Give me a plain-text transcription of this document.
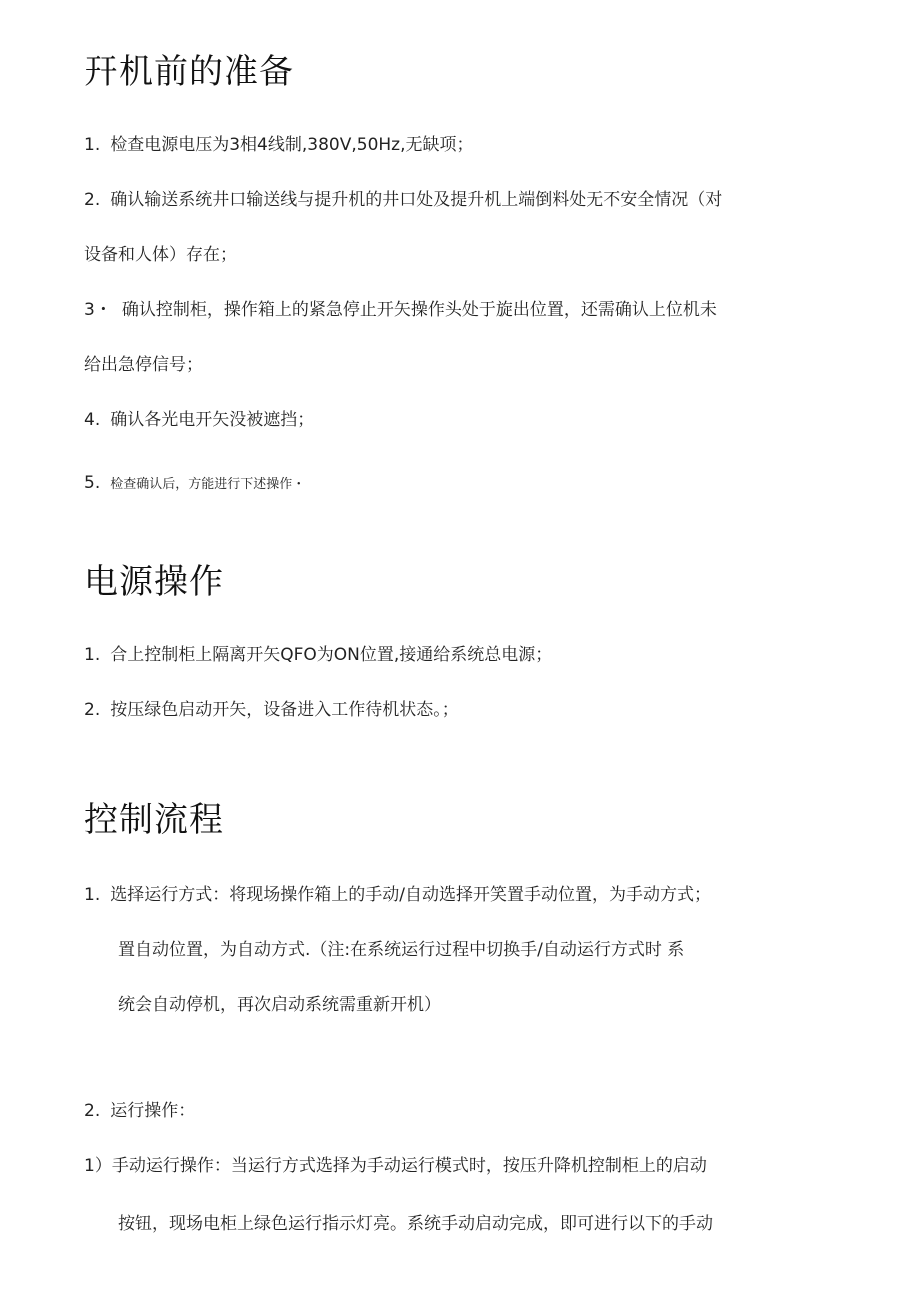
幵机前的准备
1. 检查电源电压为3相4线制,380V,50Hz,无缺项；
2. 确认输送系统井口输送线与提升机的井口处及提升机上端倒料处无不安全情况（对
设备和人体）存在；
3・ 确认控制柜，操作箱上的紧急停止开矢操作头处于旋出位置，还需确认上位机未
给出急停信号；
4. 确认各光电开矢没被遮挡；
5. 检查确认后，方能进行下述操作・
电源操作
1. 合上控制柜上隔离开矢QFO为ON位置,接通给系统总电源；
2. 按压绿色启动开矢，设备进入工作待机状态。；
控制流程
1. 选择运行方式：将现场操作箱上的手动/自动选择开笑置手动位置，为手动方式；
置自动位置，为自动方式.（注:在系统运行过程中切换手/自动运行方式时 系
统会自动停机，再次启动系统需重新开机）
2. 运行操作：
1）手动运行操作：当运行方式选择为手动运行模式时，按压升降机控制柜上的启动
按钮，现场电柜上绿色运行指示灯亮。系统手动启动完成，即可进行以下的手动
